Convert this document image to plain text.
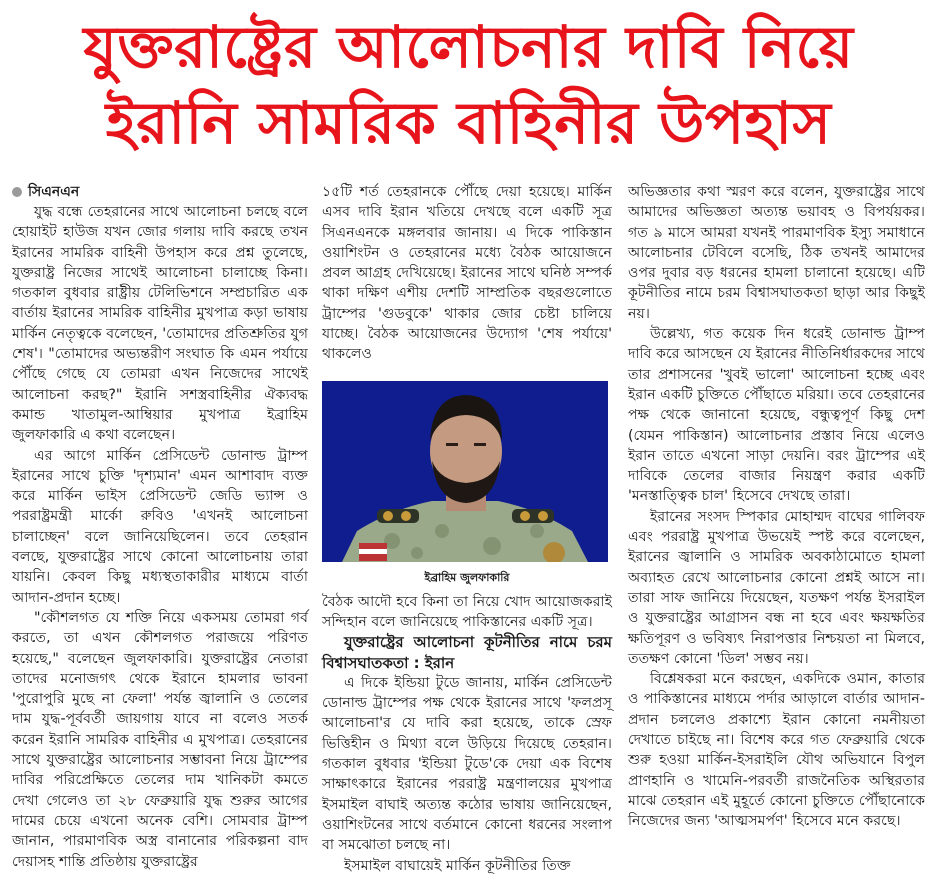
যুক্তরাষ্ট্রের আলোচনার দাবি নিয়ে
ইরানি সামরিক বাহিনীর উপহাস
সিএনএন

যুদ্ধ বন্ধে তেহরানের সাথে আলোচনা চলছে বলে হোয়াইট হাউজ যখন জোর গলায় দাবি করছে তখন ইরানের সামরিক বাহিনী উপহাস করে প্রশ্ন তুলেছে, যুক্তরাষ্ট্র নিজের সাথেই আলোচনা চালাচ্ছে কিনা। গতকাল বুধবার রাষ্ট্রীয় টেলিভিশনে সম্প্রচারিত এক বার্তায় ইরানের সামরিক বাহিনীর মুখপাত্র কড়া ভাষায় মার্কিন নেতৃত্বকে বলেছেন, 'তোমাদের প্রতিশ্রুতির যুগ শেষ'। "তোমাদের অভ্যন্তরীণ সংঘাত কি এমন পর্যায়ে পৌঁছে গেছে যে তোমরা এখন নিজেদের সাথেই আলোচনা করছ?" ইরানি সশস্ত্রবাহিনীর ঐক্যবদ্ধ কমান্ড খাতামুল-আম্বিয়ার মুখপাত্র ইব্রাহিম জুলফাকারি এ কথা বলেছেন।

এর আগে মার্কিন প্রেসিডেন্ট ডোনাল্ড ট্রাম্প ইরানের সাথে চুক্তি 'দৃশ্যমান' এমন আশাবাদ ব্যক্ত করে মার্কিন ভাইস প্রেসিডেন্ট জেডি ভ্যান্স ও পররাষ্ট্রমন্ত্রী মার্কো রুবিও 'এখনই আলোচনা চালাচ্ছেন' বলে জানিয়েছিলেন। তবে তেহরান বলছে, যুক্তরাষ্ট্রের সাথে কোনো আলোচনায় তারা যায়নি। কেবল কিছু মধ্যস্থতাকারীর মাধ্যমে বার্তা আদান-প্রদান হচ্ছে।

"কৌশলগত যে শক্তি নিয়ে একসময় তোমরা গর্ব করতে, তা এখন কৌশলগত পরাজয়ে পরিণত হয়েছে," বলেছেন জুলফাকারি। যুক্তরাষ্ট্রের নেতারা তাদের মনোজগৎ থেকে ইরানে হামলার ভাবনা 'পুরোপুরি মুছে না ফেলা' পর্যন্ত জ্বালানি ও তেলের দাম যুদ্ধ-পূর্ববর্তী জায়গায় যাবে না বলেও সতর্ক করেন ইরানি সামরিক বাহিনীর এ মুখপাত্র। তেহরানের সাথে যুক্তরাষ্ট্রের আলোচনার সম্ভাবনা নিয়ে ট্রাম্পের দাবির পরিপ্রেক্ষিতে তেলের দাম খানিকটা কমতে দেখা গেলেও তা ২৮ ফেব্রুয়ারি যুদ্ধ শুরুর আগের দামের চেয়ে এখনো অনেক বেশি। সোমবার ট্রাম্প জানান, পারমাণবিক অস্ত্র বানানোর পরিকল্পনা বাদ দেয়াসহ শান্তি প্রতিষ্ঠায় যুক্তরাষ্ট্রের

১৫টি শর্ত তেহরানকে পৌঁছে দেয়া হয়েছে। মার্কিন এসব দাবি ইরান খতিয়ে দেখছে বলে একটি সূত্র সিএনএনকে মঙ্গলবার জানায়। এ দিকে পাকিস্তান ওয়াশিংটন ও তেহরানের মধ্যে বৈঠক আয়োজনে প্রবল আগ্রহ দেখিয়েছে। ইরানের সাথে ঘনিষ্ঠ সম্পর্ক থাকা দক্ষিণ এশীয় দেশটি সাম্প্রতিক বছরগুলোতে ট্রাম্পের 'গুডবুকে' থাকার জোর চেষ্টা চালিয়ে যাচ্ছে। বৈঠক আয়োজনের উদ্যোগ 'শেষ পর্যায়ে' থাকলেও

ইব্রাহিম জুলফাকারি

বৈঠক আদৌ হবে কিনা তা নিয়ে খোদ আয়োজকরাই সন্দিহান বলে জানিয়েছে পাকিস্তানের একটি সূত্র।

যুক্তরাষ্ট্রের আলোচনা কূটনীতির নামে চরম বিশ্বাসঘাতকতা : ইরান

এ দিকে ইন্ডিয়া টুডে জানায়, মার্কিন প্রেসিডেন্ট ডোনাল্ড ট্রাম্পের পক্ষ থেকে ইরানের সাথে 'ফলপ্রসূ আলোচনা'র যে দাবি করা হয়েছে, তাকে স্রেফ ভিত্তিহীন ও মিথ্যা বলে উড়িয়ে দিয়েছে তেহরান। গতকাল বুধবার 'ইন্ডিয়া টুডে'কে দেয়া এক বিশেষ সাক্ষাৎকারে ইরানের পররাষ্ট্র মন্ত্রণালয়ের মুখপাত্র ইসমাইল বাঘাই অত্যন্ত কঠোর ভাষায় জানিয়েছেন, ওয়াশিংটনের সাথে বর্তমানে কোনো ধরনের সংলাপ বা সমঝোতা চলছে না।

ইসমাইল বাঘায়েই মার্কিন কূটনীতির তিক্ত

অভিজ্ঞতার কথা স্মরণ করে বলেন, যুক্তরাষ্ট্রের সাথে আমাদের অভিজ্ঞতা অত্যন্ত ভয়াবহ ও বিপর্যয়কর। গত ৯ মাসে আমরা যখনই পারমাণবিক ইস্যু সমাধানে আলোচনার টেবিলে বসেছি, ঠিক তখনই আমাদের ওপর দুবার বড় ধরনের হামলা চালানো হয়েছে। এটি কূটনীতির নামে চরম বিশ্বাসঘাতকতা ছাড়া আর কিছুই নয়।

উল্লেখ্য, গত কয়েক দিন ধরেই ডোনাল্ড ট্রাম্প দাবি করে আসছেন যে ইরানের নীতিনির্ধারকদের সাথে তার প্রশাসনের 'খুবই ভালো' আলোচনা হচ্ছে এবং ইরান একটি চুক্তিতে পৌঁছাতে মরিয়া। তবে তেহরানের পক্ষ থেকে জানানো হয়েছে, বন্ধুত্বপূর্ণ কিছু দেশ (যেমন পাকিস্তান) আলোচনার প্রস্তাব নিয়ে এলেও ইরান তাতে এখনো সাড়া দেয়নি। বরং ট্রাম্পের এই দাবিকে তেলের বাজার নিয়ন্ত্রণ করার একটি 'মনস্তাত্ত্বিক চাল' হিসেবে দেখছে তারা।

ইরানের সংসদ স্পিকার মোহাম্মদ বাঘের গালিবফ এবং পররাষ্ট্র মুখপাত্র উভয়েই স্পষ্ট করে বলেছেন, ইরানের জ্বালানি ও সামরিক অবকাঠামোতে হামলা অব্যাহত রেখে আলোচনার কোনো প্রশ্নই আসে না। তারা সাফ জানিয়ে দিয়েছেন, যতক্ষণ পর্যন্ত ইসরাইল ও যুক্তরাষ্ট্রের আগ্রাসন বন্ধ না হবে এবং ক্ষয়ক্ষতির ক্ষতিপূরণ ও ভবিষ্যৎ নিরাপত্তার নিশ্চয়তা না মিলবে, ততক্ষণ কোনো 'ডিল' সম্ভব নয়।

বিশ্লেষকরা মনে করছেন, একদিকে ওমান, কাতার ও পাকিস্তানের মাধ্যমে পর্দার আড়ালে বার্তার আদান-প্রদান চললেও প্রকাশ্যে ইরান কোনো নমনীয়তা দেখাতে চাইছে না। বিশেষ করে গত ফেব্রুয়ারি থেকে শুরু হওয়া মার্কিন-ইসরাইলি যৌথ অভিযানে বিপুল প্রাণহানি ও খামেনি-পরবর্তী রাজনৈতিক অস্থিরতার মাঝে তেহরান এই মুহূর্তে কোনো চুক্তিতে পৌঁছানোকে নিজেদের জন্য 'আত্মসমর্পণ' হিসেবে মনে করছে।
